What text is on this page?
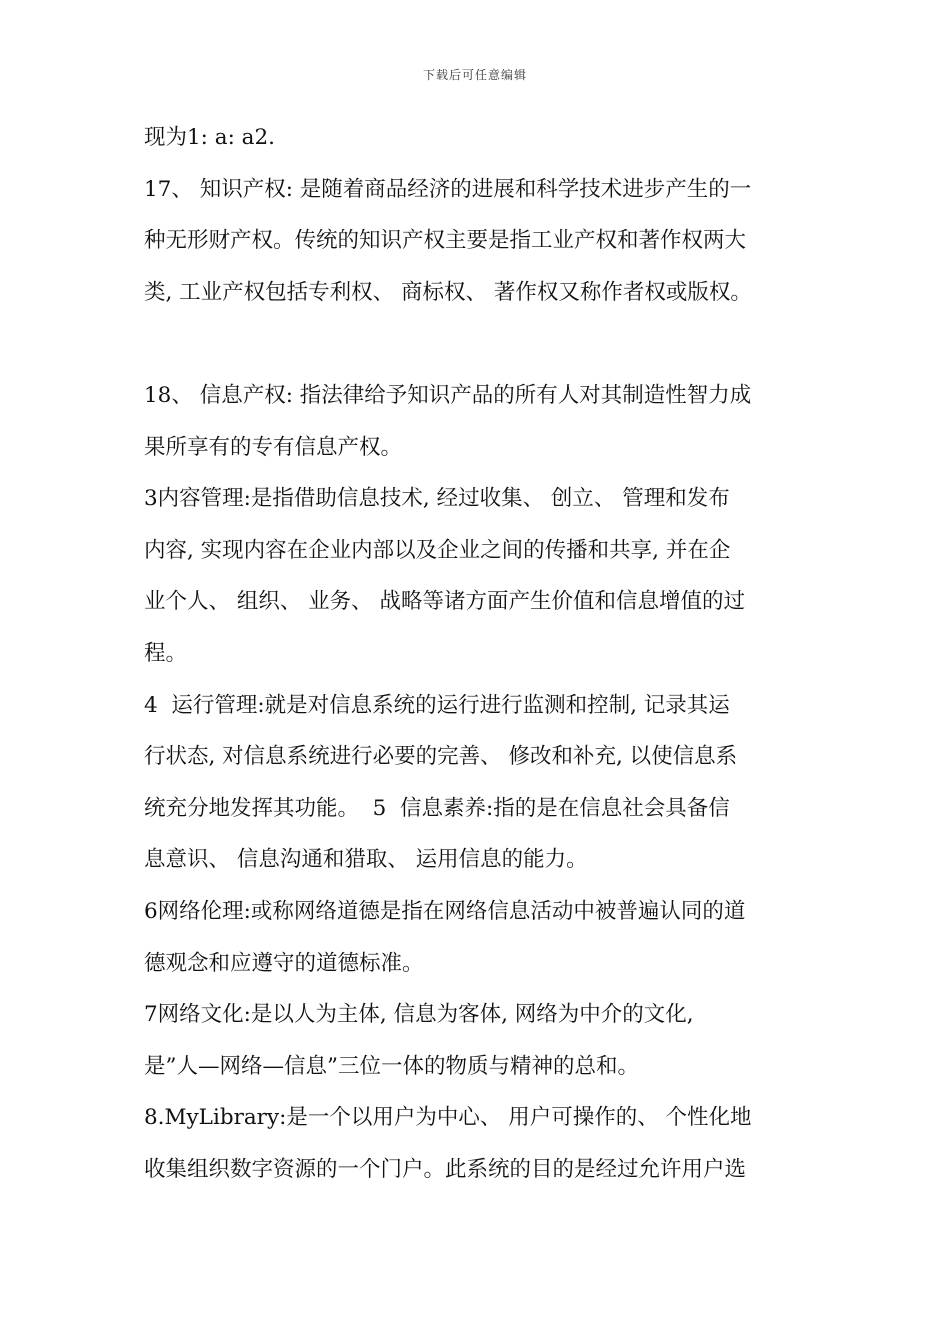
下载后可任意编辑
现为1: a: a2.
17、 知识产权: 是随着商品经济的进展和科学技术进步产生的一
种无形财产权。传统的知识产权主要是指工业产权和著作权两大
类, 工业产权包括专利权、 商标权、 著作权又称作者权或版权。
18、 信息产权: 指法律给予知识产品的所有人对其制造性智力成
果所享有的专有信息产权。
3内容管理:是指借助信息技术, 经过收集、 创立、 管理和发布
内容, 实现内容在企业内部以及企业之间的传播和共享, 并在企
业个人、 组织、 业务、 战略等诸方面产生价值和信息增值的过
程。
4  运行管理:就是对信息系统的运行进行监测和控制, 记录其运
行状态, 对信息系统进行必要的完善、 修改和补充, 以使信息系
统充分地发挥其功能。  5  信息素养:指的是在信息社会具备信
息意识、 信息沟通和猎取、 运用信息的能力。
6网络伦理:或称网络道德是指在网络信息活动中被普遍认同的道
德观念和应遵守的道德标准。
7网络文化:是以人为主体, 信息为客体, 网络为中介的文化,
是”人—网络—信息”三位一体的物质与精神的总和。
8.MyLibrary:是一个以用户为中心、 用户可操作的、 个性化地
收集组织数字资源的一个门户。此系统的目的是经过允许用户选
